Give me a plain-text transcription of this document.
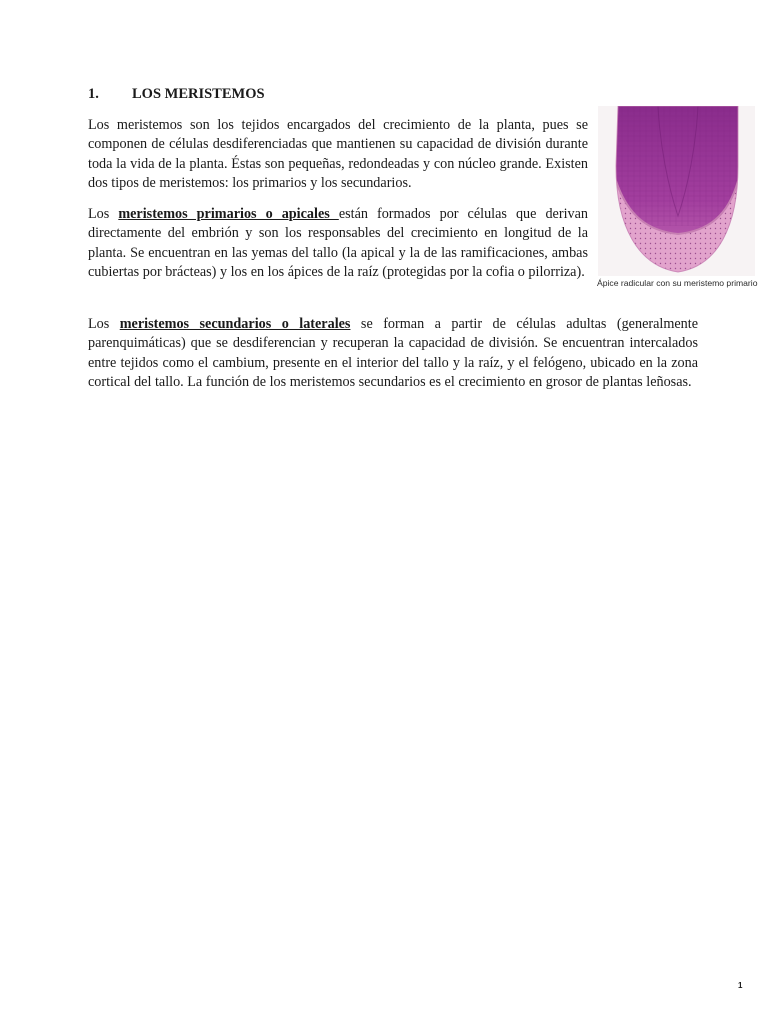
1. LOS MERISTEMOS

Los meristemos son los tejidos encargados del crecimiento de la planta, pues se componen de células desdiferenciadas que mantienen su capacidad de división durante toda la vida de la planta. Éstas son pequeñas, redondeadas y con núcleo grande. Existen dos tipos de meristemos: los primarios y los secundarios.

Los meristemos primarios o apicales están formados por células que derivan directamente del embrión y son los responsables del crecimiento en longitud de la planta. Se encuentran en las yemas del tallo (la apical y la de las ramificaciones, ambas cubiertas por brácteas) y los en los ápices de la raíz (protegidas por la cofia o pilorriza).

Los meristemos secundarios o laterales se forman a partir de células adultas (generalmente parenquimáticas) que se desdiferencian y recuperan la capacidad de división. Se encuentran intercalados entre tejidos como el cambium, presente en el interior del tallo y la raíz, y el felógeno, ubicado en la zona cortical del tallo. La función de los meristemos secundarios es el crecimiento en grosor de plantas leñosas.

Ápice radicular con su meristemo primario

1
